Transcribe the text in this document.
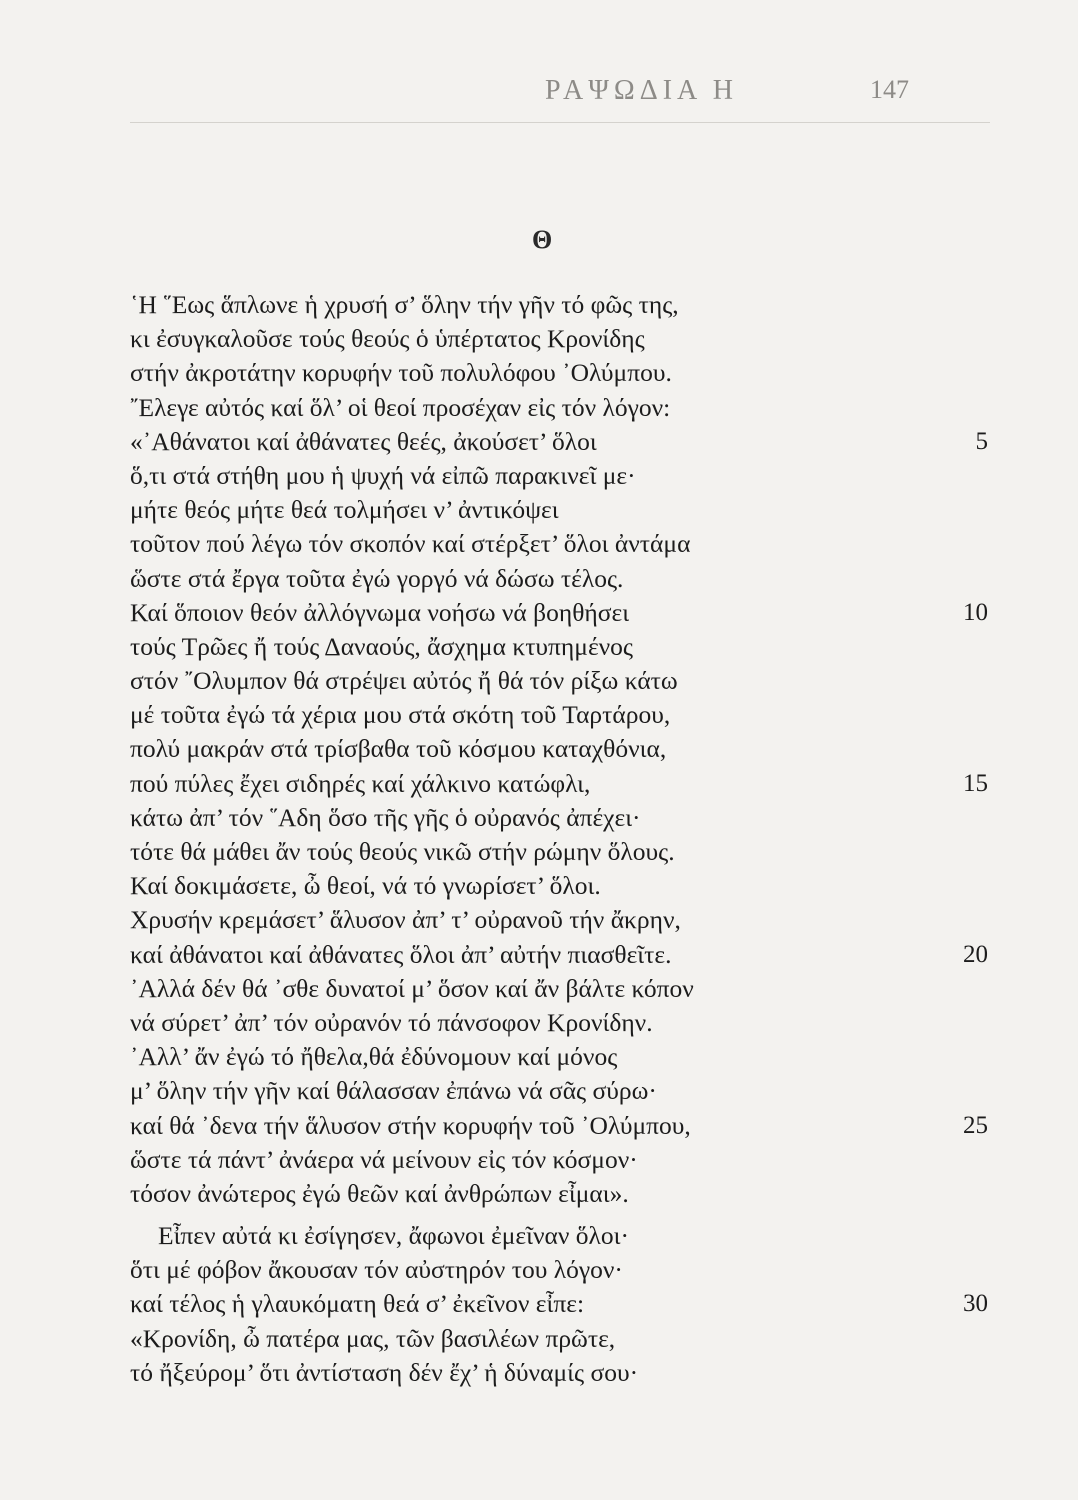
147
ΡΑΨΩΔΙΑ Η
Θ
῾Η ῞Εως ἅπλωνε ἡ χρυσή σ’ ὅλην τήν γῆν τό φῶς της,
κι ἐσυγκαλοῦσε τούς θεούς ὁ ὑπέρτατος Κρονίδης
στήν ἀκροτάτην κορυφήν τοῦ πολυλόφου ᾿Ολύμπου.
῎Ελεγε αὐτός καί ὅλ’ οἱ θεοί προσέχαν εἰς τόν λόγον:
«᾿Αθάνατοι καί ἀθάνατες θεές, ἀκούσετ’ ὅλοι	5
ὅ,τι στά στήθη μου ἡ ψυχή νά εἰπῶ παρακινεῖ με·
μήτε θεός μήτε θεά τολμήσει ν’ ἀντικόψει
τοῦτον πού λέγω τόν σκοπόν καί στέρξετ’ ὅλοι ἀντάμα
ὥστε στά ἔργα τοῦτα ἐγώ γοργό νά δώσω τέλος.
Καί ὅποιον θεόν ἀλλόγνωμα νοήσω νά βοηθήσει	10
τούς Τρῶες ἤ τούς Δαναούς, ἄσχημα κτυπημένος
στόν ῎Ολυμπον θά στρέψει αὐτός ἤ θά τόν ρίξω κάτω
μέ τοῦτα ἐγώ τά χέρια μου στά σκότη τοῦ Ταρτάρου,
πολύ μακράν στά τρίσβαθα τοῦ κόσμου καταχθόνια,
πού πύλες ἔχει σιδηρές καί χάλκινο κατώφλι,	15
κάτω ἀπ’ τόν ῞Αδη ὅσο τῆς γῆς ὁ οὐρανός ἀπέχει·
τότε θά μάθει ἄν τούς θεούς νικῶ στήν ρώμην ὅλους.
Καί δοκιμάσετε, ὦ θεοί, νά τό γνωρίσετ’ ὅλοι.
Χρυσήν κρεμάσετ’ ἅλυσον ἀπ’ τ’ οὐρανοῦ τήν ἄκρην,
καί ἀθάνατοι καί ἀθάνατες ὅλοι ἀπ’ αὐτήν πιασθεῖτε.	20
᾿Αλλά δέν θά ᾿σθε δυνατοί μ’ ὅσον καί ἄν βάλτε κόπον
νά σύρετ’ ἀπ’ τόν οὐρανόν τό πάνσοφον Κρονίδην.
᾿Αλλ’ ἄν ἐγώ τό ἤθελα,θά ἐδύνομουν καί μόνος
μ’ ὅλην τήν γῆν καί θάλασσαν ἐπάνω νά σᾶς σύρω·
καί θά ᾿δενα τήν ἅλυσον στήν κορυφήν τοῦ ᾿Ολύμπου,	25
ὥστε τά πάντ’ ἀνάερα νά μείνουν εἰς τόν κόσμον·
τόσον ἀνώτερος ἐγώ θεῶν καί ἀνθρώπων εἶμαι».
Εἶπεν αὐτά κι ἐσίγησεν, ἄφωνοι ἐμεῖναν ὅλοι·
ὅτι μέ φόβον ἄκουσαν τόν αὐστηρόν του λόγον·
καί τέλος ἡ γλαυκόματη θεά σ’ ἐκεῖνον εἶπε:	30
«Κρονίδη, ὦ πατέρα μας, τῶν βασιλέων πρῶτε,
τό ἤξεύρομ’ ὅτι ἀντίσταση δέν ἔχ’ ἡ δύναμίς σου·
